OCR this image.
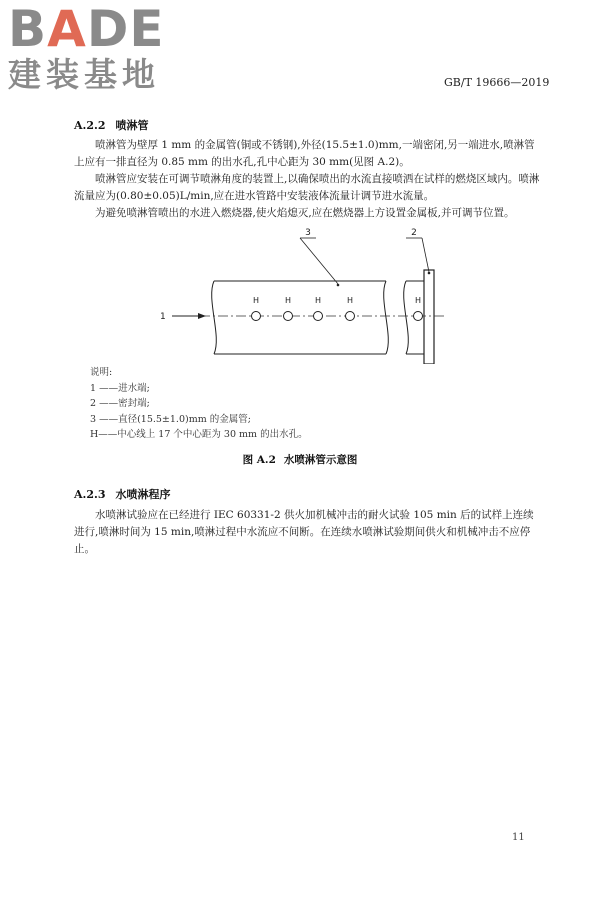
BADE
建装基地	GB/T 19666—2019
A.2.2 喷淋管
喷淋管为壁厚 1 mm 的金属管(铜或不锈钢),外径(15.5±1.0)mm,一端密闭,另一端进水,喷淋管上应有一排直径为 0.85 mm 的出水孔,孔中心距为 30 mm(见图 A.2)。
喷淋管应安装在可调节喷淋角度的装置上,以确保喷出的水流直接喷洒在试样的燃烧区域内。喷淋流量应为(0.80±0.05)L/min,应在进水管路中安装液体流量计调节进水流量。
为避免喷淋管喷出的水进入燃烧器,使火焰熄灭,应在燃烧器上方设置金属板,并可调节位置。
H	H	H	H	H
1
3	2
说明:
1 ——进水端;
2 ——密封端;
3 ——直径(15.5±1.0)mm 的金属管;
H——中心线上 17 个中心距为 30 mm 的出水孔。
图 A.2 水喷淋管示意图
A.2.3 水喷淋程序
水喷淋试验应在已经进行 IEC 60331-2 供火加机械冲击的耐火试验 105 min 后的试样上连续进行,喷淋时间为 15 min,喷淋过程中水流应不间断。在连续水喷淋试验期间供火和机械冲击不应停止。
11
